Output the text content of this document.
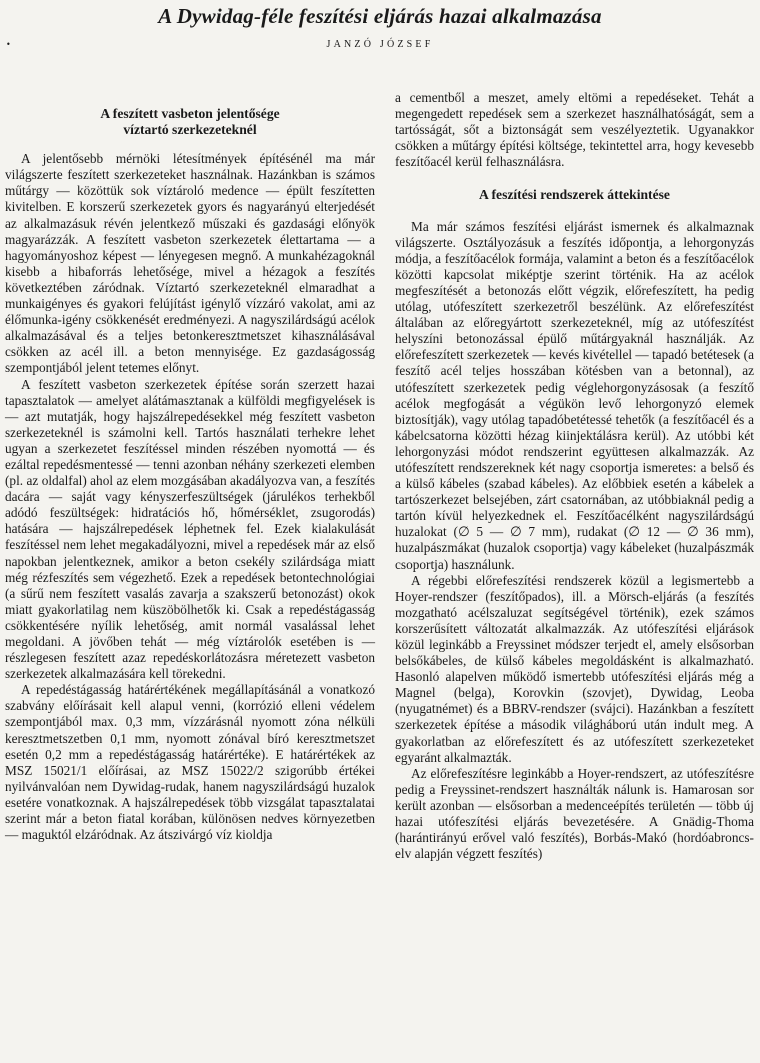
A Dywidag-féle feszítési eljárás hazai alkalmazása
•	JANZÓ JÓZSEF
A feszített vasbeton jelentősége
víztartó szerkezeteknél

A jelentősebb mérnöki létesítmények építésénél ma már világszerte feszített szerkezeteket használnak. Hazánkban is számos műtárgy — közöttük sok víztároló medence — épült feszítetten kivitelben. E korszerű szerkezetek gyors és nagyarányú elterjedését az alkalmazásuk révén jelentkező műszaki és gazdasági előnyök magyarázzák. A feszített vasbeton szerkezetek élettartama — a hagyományoshoz képest — lényegesen megnő. A munkahézagoknál kisebb a hibaforrás lehetősége, mivel a hézagok a feszítés következtében záródnak. Víztartó szerkezeteknél elmaradhat a munkaigényes és gyakori felújítást igénylő vízzáró vakolat, ami az élőmunka-igény csökkenését eredményezi. A nagyszilárdságú acélok alkalmazásával és a teljes betonkeresztmetszet kihasználásával csökken az acél ill. a beton mennyisége. Ez gazdaságosság szempontjából jelent tetemes előnyt.

A feszített vasbeton szerkezetek építése során szerzett hazai tapasztalatok — amelyet alátámasztanak a külföldi megfigyelések is — azt mutatják, hogy hajszálrepedésekkel még feszített vasbeton szerkezeteknél is számolni kell. Tartós használati terhekre lehet ugyan a szerkezetet feszítéssel minden részében nyomottá — és ezáltal repedésmentessé — tenni azonban néhány szerkezeti elemben (pl. az oldalfal) ahol az elem mozgásában akadályozva van, a feszítés dacára — saját vagy kényszerfeszültségek (járulékos terhekből adódó feszültségek: hidratációs hő, hőmérséklet, zsugorodás) hatására — hajszálrepedések léphetnek fel. Ezek kialakulását feszítéssel nem lehet megakadályozni, mivel a repedések már az első napokban jelentkeznek, amikor a beton csekély szilárdsága miatt még rézfeszítés sem végezhető. Ezek a repedések betontechnológiai (a sűrű nem feszített vasalás zavarja a szakszerű betonozást) okok miatt gyakorlatilag nem küszöbölhetők ki. Csak a repedéstágasság csökkentésére nyílik lehetőség, amit normál vasalással lehet megoldani. A jövőben tehát — még víztárolók esetében is — részlegesen feszített azaz repedéskorlátozásra méretezett vasbeton szerkezetek alkalmazására kell törekedni.

A repedéstágasság határértékének megállapításánál a vonatkozó szabvány előírásait kell alapul venni, (korrózió elleni védelem szempontjából max. 0,3 mm, vízzárásnál nyomott zóna nélküli keresztmetszetben 0,1 mm, nyomott zónával bíró keresztmetszet esetén 0,2 mm a repedéstágasság határértéke). E határértékek az MSZ 15021/1 előírásai, az MSZ 15022/2 szigorúbb értékei nyilvánvalóan nem Dywidag-rudak, hanem nagyszilárdságú huzalok esetére vonatkoznak. A hajszálrepedések több vizsgálat tapasztalatai szerint már a beton fiatal korában, különösen nedves környezetben — maguktól elzáródnak. Az átszivárgó víz kioldja

a cementből a meszet, amely eltömi a repedéseket. Tehát a megengedett repedések sem a szerkezet használhatóságát, sem a tartósságát, sőt a biztonságát sem veszélyeztetik. Ugyanakkor csökken a műtárgy építési költsége, tekintettel arra, hogy kevesebb feszítőacél kerül felhasználásra.

A feszítési rendszerek áttekintése

Ma már számos feszítési eljárást ismernek és alkalmaznak világszerte. Osztályozásuk a feszítés időpontja, a lehorgonyzás módja, a feszítőacélok formája, valamint a beton és a feszítőacélok közötti kapcsolat miképtje szerint történik. Ha az acélok megfeszítését a betonozás előtt végzik, előrefeszített, ha pedig utólag, utófeszített szerkezetről beszélünk. Az előrefeszítést általában az előregyártott szerkezeteknél, míg az utófeszítést helyszíni betonozással épülő műtárgyaknál használják. Az előrefeszített szerkezetek — kevés kivétellel — tapadó betétesek (a feszítő acél teljes hosszában kötésben van a betonnal), az utófeszített szerkezetek pedig véglehorgonyzásosak (a feszítő acélok megfogását a végükön levő lehorgonyzó elemek biztosítják), vagy utólag tapadóbetétessé tehetők (a feszítőacél és a kábelcsatorna közötti hézag kiinjektálásra kerül). Az utóbbi két lehorgonyzási módot rendszerint együttesen alkalmazzák. Az utófeszített rendszereknek két nagy csoportja ismeretes: a belső és a külső kábeles (szabad kábeles). Az előbbiek esetén a kábelek a tartószerkezet belsejében, zárt csatornában, az utóbbiaknál pedig a tartón kívül helyezkednek el. Feszítőacélként nagyszilárdságú huzalokat (∅ 5 — ∅ 7 mm), rudakat (∅ 12 — ∅ 36 mm), huzalpászmákat (huzalok csoportja) vagy kábeleket (huzalpászmák csoportja) használunk.

A régebbi előrefeszítési rendszerek közül a legismertebb a Hoyer-rendszer (feszítőpados), ill. a Mörsch-eljárás (a feszítés mozgatható acélszaluzat segítségével történik), ezek számos korszerűsített változatát alkalmazzák. Az utófeszítési eljárások közül leginkább a Freyssinet módszer terjedt el, amely elsősorban belsőkábeles, de külső kábeles megoldásként is alkalmazható. Hasonló alapelven működő ismertebb utófeszítési eljárás még a Magnel (belga), Korovkin (szovjet), Dywidag, Leoba (nyugatnémet) és a BBRV-rendszer (svájci). Hazánkban a feszített szerkezetek építése a második világháború után indult meg. A gyakorlatban az előrefeszített és az utófeszített szerkezeteket egyaránt alkalmazták.

Az előrefeszítésre leginkább a Hoyer-rendszert, az utófeszítésre pedig a Freyssinet-rendszert használták nálunk is. Hamarosan sor került azonban — elsősorban a medenceépítés területén — több új hazai utófeszítési eljárás bevezetésére. A Gnädig-Thoma (harántirányú erővel való feszítés), Borbás-Makó (hordóabroncs-elv alapján végzett feszítés)
